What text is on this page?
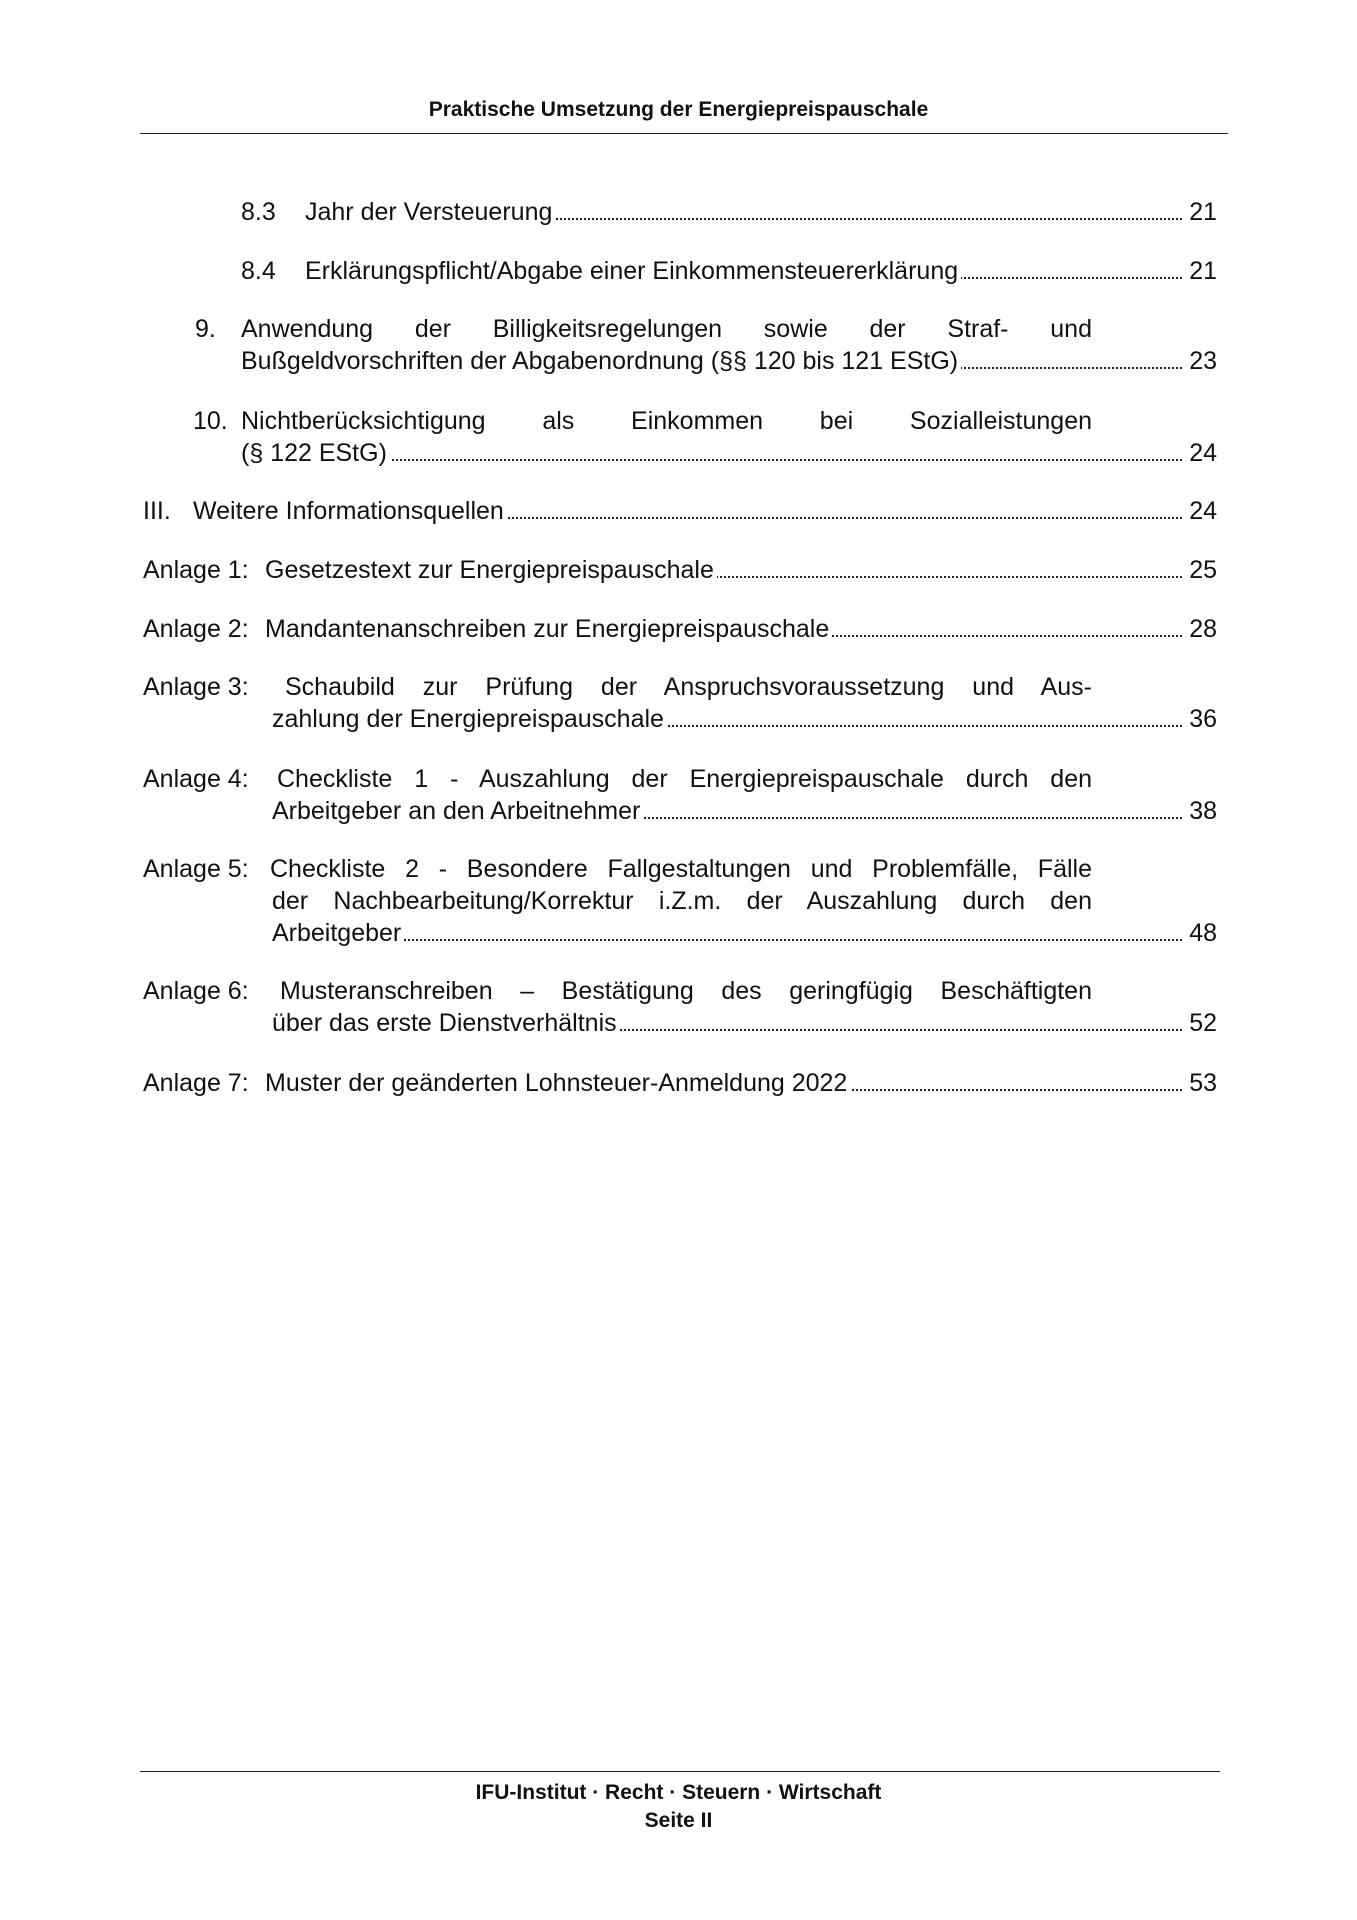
Praktische Umsetzung der Energiepreispauschale
8.3 Jahr der Versteuerung	21
8.4 Erklärungspflicht/Abgabe einer Einkommensteuererklärung	21
9. Anwendung der Billigkeitsregelungen sowie der Straf- und
Bußgeldvorschriften der Abgabenordnung (§§ 120 bis 121 EStG)	23
10. Nichtberücksichtigung als Einkommen bei Sozialleistungen
(§ 122 EStG)	24
III. Weitere Informationsquellen	24
Anlage 1: Gesetzestext zur Energiepreispauschale	25
Anlage 2: Mandantenanschreiben zur Energiepreispauschale	28
Anlage 3: Schaubild zur Prüfung der Anspruchsvoraussetzung und Aus-
zahlung der Energiepreispauschale	36
Anlage 4: Checkliste 1 - Auszahlung der Energiepreispauschale durch den
Arbeitgeber an den Arbeitnehmer	38
Anlage 5: Checkliste 2 - Besondere Fallgestaltungen und Problemfälle, Fälle
der Nachbearbeitung/Korrektur i.Z.m. der Auszahlung durch den
Arbeitgeber	48
Anlage 6: Musteranschreiben – Bestätigung des geringfügig Beschäftigten
über das erste Dienstverhältnis	52
Anlage 7: Muster der geänderten Lohnsteuer-Anmeldung 2022	53
IFU-Institut · Recht · Steuern · Wirtschaft
Seite II
